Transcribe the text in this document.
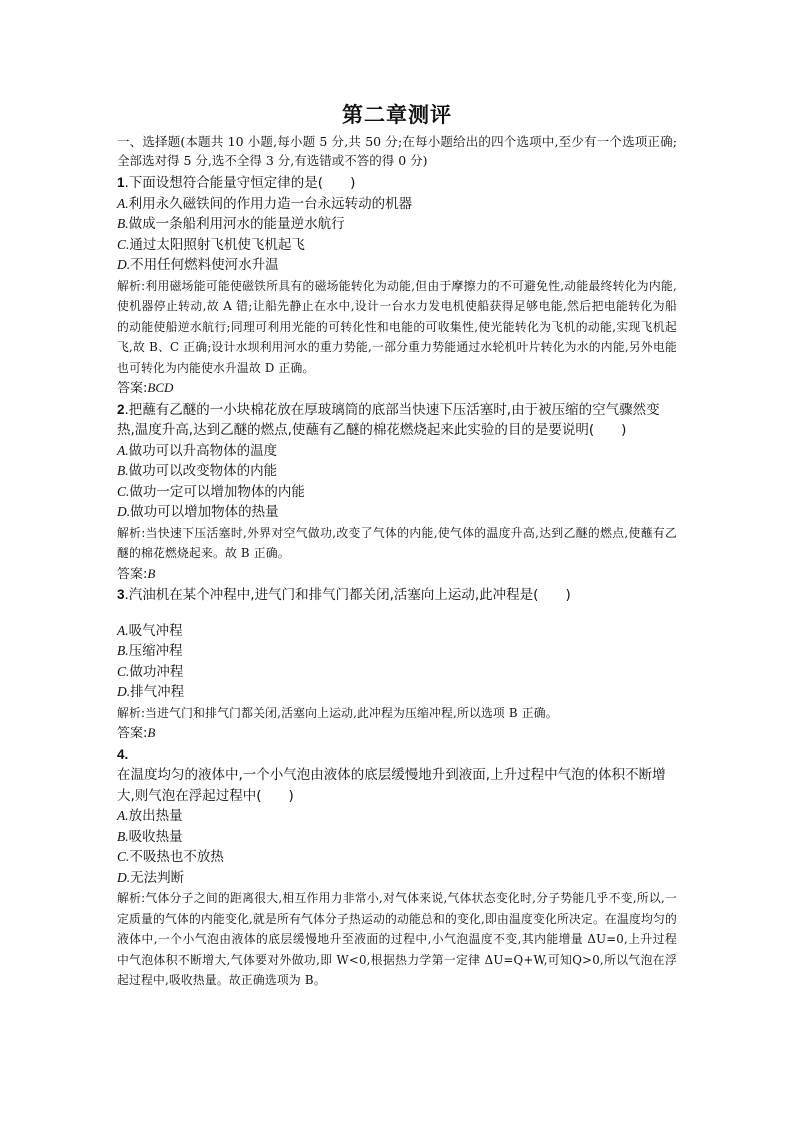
第二章测评

一、选择题(本题共 10 小题,每小题 5 分,共 50 分;在每小题给出的四个选项中,至少有一个选项正确;全部选对得 5 分,选不全得 3 分,有选错或不答的得 0 分)

1.下面设想符合能量守恒定律的是(　　)

A.利用永久磁铁间的作用力造一台永远转动的机器

B.做成一条船利用河水的能量逆水航行

C.通过太阳照射飞机使飞机起飞

D.不用任何燃料使河水升温

解析:利用磁场能可能使磁铁所具有的磁场能转化为动能,但由于摩擦力的不可避免性,动能最终转化为内能,使机器停止转动,故 A 错;让船先静止在水中,设计一台水力发电机使船获得足够电能,然后把电能转化为船的动能使船逆水航行;同理可利用光能的可转化性和电能的可收集性,使光能转化为飞机的动能,实现飞机起飞,故 B、C 正确;设计水坝利用河水的重力势能,一部分重力势能通过水轮机叶片转化为水的内能,另外电能也可转化为内能使水升温故 D 正确。

答案:BCD

2.把蘸有乙醚的一小块棉花放在厚玻璃筒的底部当快速下压活塞时,由于被压缩的空气骤然变热,温度升高,达到乙醚的燃点,使蘸有乙醚的棉花燃烧起来此实验的目的是要说明(　　)

A.做功可以升高物体的温度

B.做功可以改变物体的内能

C.做功一定可以增加物体的内能

D.做功可以增加物体的热量

解析:当快速下压活塞时,外界对空气做功,改变了气体的内能,使气体的温度升高,达到乙醚的燃点,使蘸有乙醚的棉花燃烧起来。故 B 正确。

答案:B

3.汽油机在某个冲程中,进气门和排气门都关闭,活塞向上运动,此冲程是(　　)

A.吸气冲程

B.压缩冲程

C.做功冲程

D.排气冲程

解析:当进气门和排气门都关闭,活塞向上运动,此冲程为压缩冲程,所以选项 B 正确。

答案:B

4.

在温度均匀的液体中,一个小气泡由液体的底层缓慢地升到液面,上升过程中气泡的体积不断增大,则气泡在浮起过程中(　　)

A.放出热量

B.吸收热量

C.不吸热也不放热

D.无法判断

解析:气体分子之间的距离很大,相互作用力非常小,对气体来说,气体状态变化时,分子势能几乎不变,所以,一定质量的气体的内能变化,就是所有气体分子热运动的动能总和的变化,即由温度变化所决定。在温度均匀的液体中,一个小气泡由液体的底层缓慢地升至液面的过程中,小气泡温度不变,其内能增量 ΔU=0,上升过程中气泡体积不断增大,气体要对外做功,即 W<0,根据热力学第一定律 ΔU=Q+W,可知Q>0,所以气泡在浮起过程中,吸收热量。故正确选项为 B。
